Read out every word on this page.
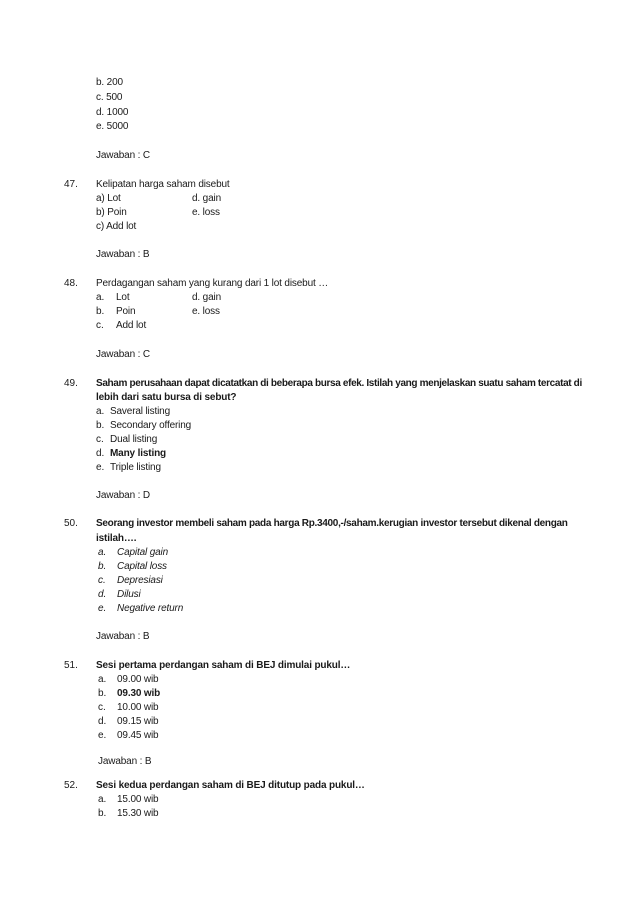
b. 200
c. 500
d. 1000
e. 5000
Jawaban : C
47. Kelipatan harga saham disebut
a) Lot	d. gain
b) Poin	e. loss
c) Add lot
Jawaban : B
48. Perdagangan saham yang kurang dari 1 lot disebut …
a. Lot	d. gain
b. Poin	e. loss
c. Add lot
Jawaban : C
49. Saham perusahaan dapat dicatatkan di beberapa bursa efek. Istilah yang menjelaskan suatu saham tercatat di
lebih dari satu bursa di sebut?
a. Saveral listing
b. Secondary offering
c. Dual listing
d. Many listing
e. Triple listing
Jawaban : D
50. Seorang investor membeli saham pada harga Rp.3400,-/saham.kerugian investor tersebut dikenal dengan
istilah….
a. Capital gain
b. Capital loss
c. Depresiasi
d. Dilusi
e. Negative return
Jawaban : B
51. Sesi pertama perdangan saham di BEJ dimulai pukul…
a. 09.00 wib
b. 09.30 wib
c. 10.00 wib
d. 09.15 wib
e. 09.45 wib
Jawaban : B
52. Sesi kedua perdangan saham di BEJ ditutup pada pukul…
a. 15.00 wib
b. 15.30 wib
